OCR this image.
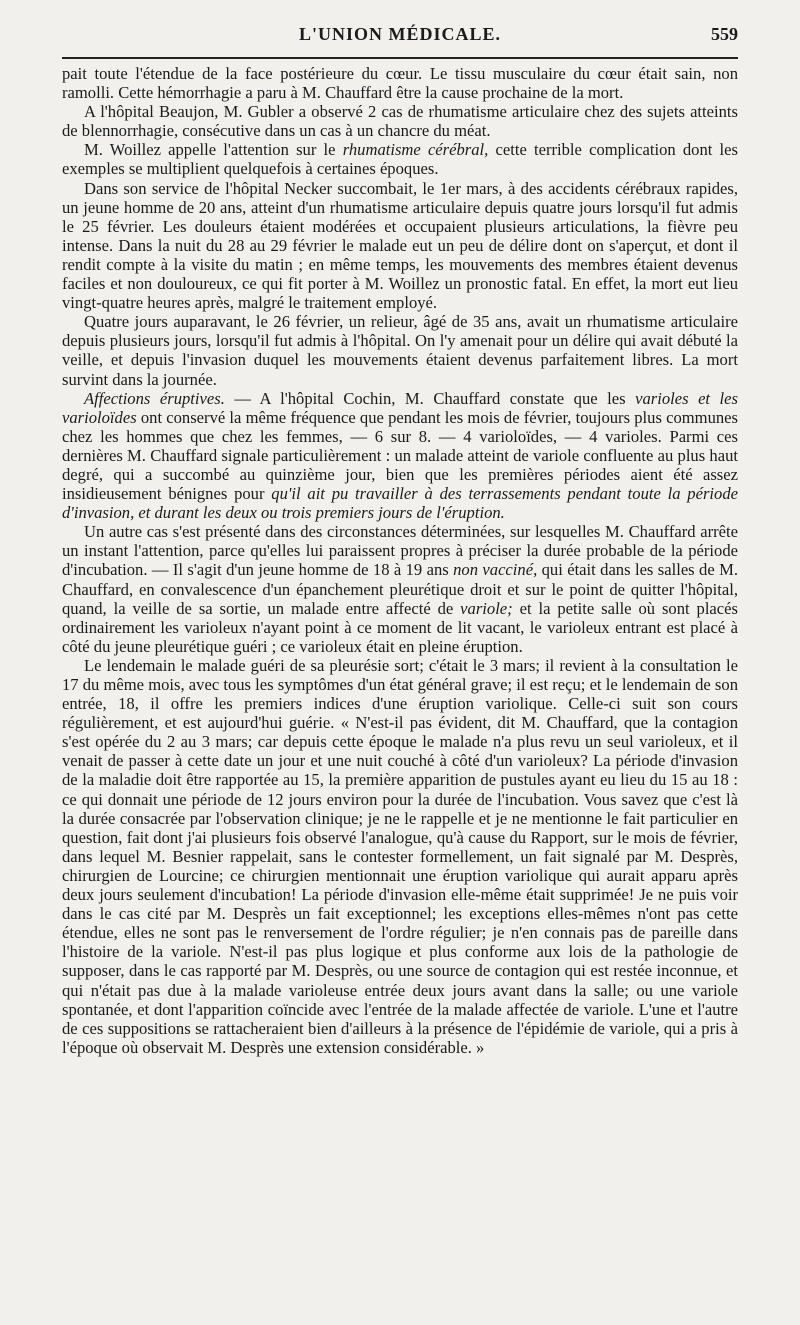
L'UNION MÉDICALE.	559

pait toute l'étendue de la face postérieure du cœur. Le tissu musculaire du cœur était sain, non ramolli. Cette hémorrhagie a paru à M. Chauffard être la cause prochaine de la mort.

A l'hôpital Beaujon, M. Gubler a observé 2 cas de rhumatisme articulaire chez des sujets atteints de blennorrhagie, consécutive dans un cas à un chancre du méat.

M. Woillez appelle l'attention sur le rhumatisme cérébral, cette terrible complication dont les exemples se multiplient quelquefois à certaines époques.

Dans son service de l'hôpital Necker succombait, le 1er mars, à des accidents cérébraux rapides, un jeune homme de 20 ans, atteint d'un rhumatisme articulaire depuis quatre jours lorsqu'il fut admis le 25 février. Les douleurs étaient modérées et occupaient plusieurs articulations, la fièvre peu intense. Dans la nuit du 28 au 29 février le malade eut un peu de délire dont on s'aperçut, et dont il rendit compte à la visite du matin ; en même temps, les mouvements des membres étaient devenus faciles et non douloureux, ce qui fit porter à M. Woillez un pronostic fatal. En effet, la mort eut lieu vingt-quatre heures après, malgré le traitement employé.

Quatre jours auparavant, le 26 février, un relieur, âgé de 35 ans, avait un rhumatisme articulaire depuis plusieurs jours, lorsqu'il fut admis à l'hôpital. On l'y amenait pour un délire qui avait débuté la veille, et depuis l'invasion duquel les mouvements étaient devenus parfaitement libres. La mort survint dans la journée.

Affections éruptives. — A l'hôpital Cochin, M. Chauffard constate que les varioles et les varioloïdes ont conservé la même fréquence que pendant les mois de février, toujours plus communes chez les hommes que chez les femmes, — 6 sur 8. — 4 varioloïdes, — 4 varioles. Parmi ces dernières M. Chauffard signale particulièrement : un malade atteint de variole confluente au plus haut degré, qui a succombé au quinzième jour, bien que les premières périodes aient été assez insidieusement bénignes pour qu'il ait pu travailler à des terrassements pendant toute la période d'invasion, et durant les deux ou trois premiers jours de l'éruption.

Un autre cas s'est présenté dans des circonstances déterminées, sur lesquelles M. Chauffard arrête un instant l'attention, parce qu'elles lui paraissent propres à préciser la durée probable de la période d'incubation. — Il s'agit d'un jeune homme de 18 à 19 ans non vacciné, qui était dans les salles de M. Chauffard, en convalescence d'un épanchement pleurétique droit et sur le point de quitter l'hôpital, quand, la veille de sa sortie, un malade entre affecté de variole; et la petite salle où sont placés ordinairement les varioleux n'ayant point à ce moment de lit vacant, le varioleux entrant est placé à côté du jeune pleurétique guéri ; ce varioleux était en pleine éruption.

Le lendemain le malade guéri de sa pleurésie sort; c'était le 3 mars; il revient à la consultation le 17 du même mois, avec tous les symptômes d'un état général grave; il est reçu; et le lendemain de son entrée, 18, il offre les premiers indices d'une éruption variolique. Celle-ci suit son cours régulièrement, et est aujourd'hui guérie. « N'est-il pas évident, dit M. Chauffard, que la contagion s'est opérée du 2 au 3 mars; car depuis cette époque le malade n'a plus revu un seul varioleux, et il venait de passer à cette date un jour et une nuit couché à côté d'un varioleux? La période d'invasion de la maladie doit être rapportée au 15, la première apparition de pustules ayant eu lieu du 15 au 18 : ce qui donnait une période de 12 jours environ pour la durée de l'incubation. Vous savez que c'est là la durée consacrée par l'observation clinique; je ne le rappelle et je ne mentionne le fait particulier en question, fait dont j'ai plusieurs fois observé l'analogue, qu'à cause du Rapport, sur le mois de février, dans lequel M. Besnier rappelait, sans le contester formellement, un fait signalé par M. Desprès, chirurgien de Lourcine; ce chirurgien mentionnait une éruption variolique qui aurait apparu après deux jours seulement d'incubation! La période d'invasion elle-même était supprimée! Je ne puis voir dans le cas cité par M. Desprès un fait exceptionnel; les exceptions elles-mêmes n'ont pas cette étendue, elles ne sont pas le renversement de l'ordre régulier; je n'en connais pas de pareille dans l'histoire de la variole. N'est-il pas plus logique et plus conforme aux lois de la pathologie de supposer, dans le cas rapporté par M. Desprès, ou une source de contagion qui est restée inconnue, et qui n'était pas due à la malade varioleuse entrée deux jours avant dans la salle; ou une variole spontanée, et dont l'apparition coïncide avec l'entrée de la malade affectée de variole. L'une et l'autre de ces suppositions se rattacheraient bien d'ailleurs à la présence de l'épidémie de variole, qui a pris à l'époque où observait M. Desprès une extension considérable. »
